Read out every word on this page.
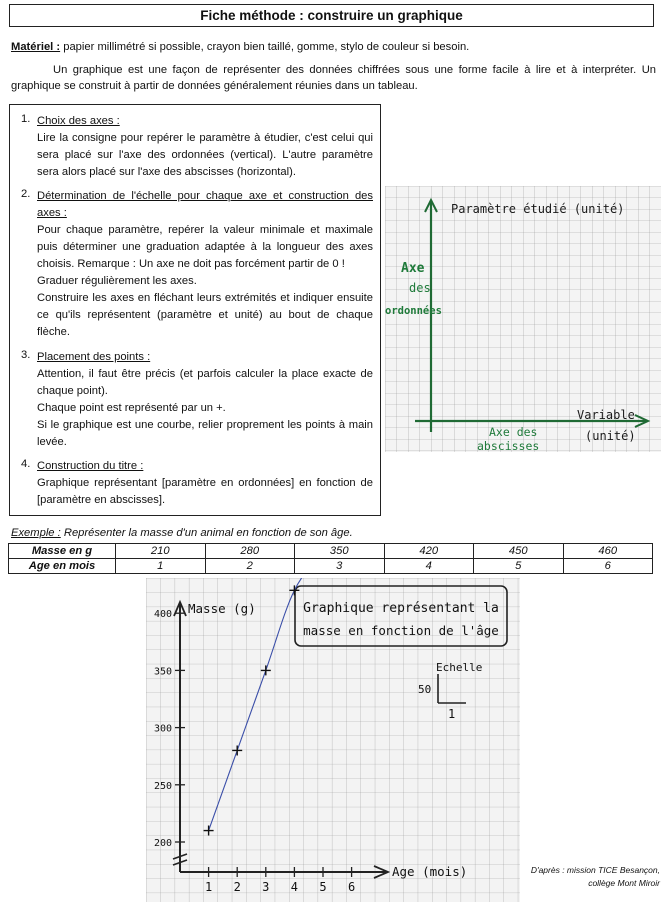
Fiche méthode : construire un graphique
Matériel : papier millimétré si possible, crayon bien taillé, gomme, stylo de couleur si besoin.
Un graphique est une façon de représenter des données chiffrées sous une forme facile à lire et à interpréter. Un graphique se construit à partir de données généralement réunies dans un tableau.
1. Choix des axes :
Lire la consigne pour repérer le paramètre à étudier, c'est celui qui sera placé sur l'axe des ordonnées (vertical). L'autre paramètre sera alors placé sur l'axe des abscisses (horizontal).
2. Détermination de l'échelle pour chaque axe et construction des axes :
Pour chaque paramètre, repérer la valeur minimale et maximale puis déterminer une graduation adaptée à la longueur des axes choisis. Remarque : Un axe ne doit pas forcément partir de 0 !
Graduer régulièrement les axes.
Construire les axes en fléchant leurs extrémités et indiquer ensuite ce qu'ils représentent (paramètre et unité) au bout de chaque flèche.
3. Placement des points :
Attention, il faut être précis (et parfois calculer la place exacte de chaque point).
Chaque point est représenté par un +.
Si le graphique est une courbe, relier proprement les points à main levée.
4. Construction du titre :
Graphique représentant [paramètre en ordonnées] en fonction de [paramètre en abscisses].
Paramètre étudié (unité)
Axe
des
ordonnées
Variable
(unité)
Axe des
abscisses
Exemple : Représenter la masse d'un animal en fonction de son âge.
Masse en g	210	280	350	420	450	460
Age en mois	1	2	3	4	5	6
Graphique représentant la
masse en fonction de l'âge
Masse (g)
Age (mois)
Echelle
50
1
200
250
300
350
400
1 2 3 4 5 6
D'après : mission TICE Besançon,
collège Mont Miroir
